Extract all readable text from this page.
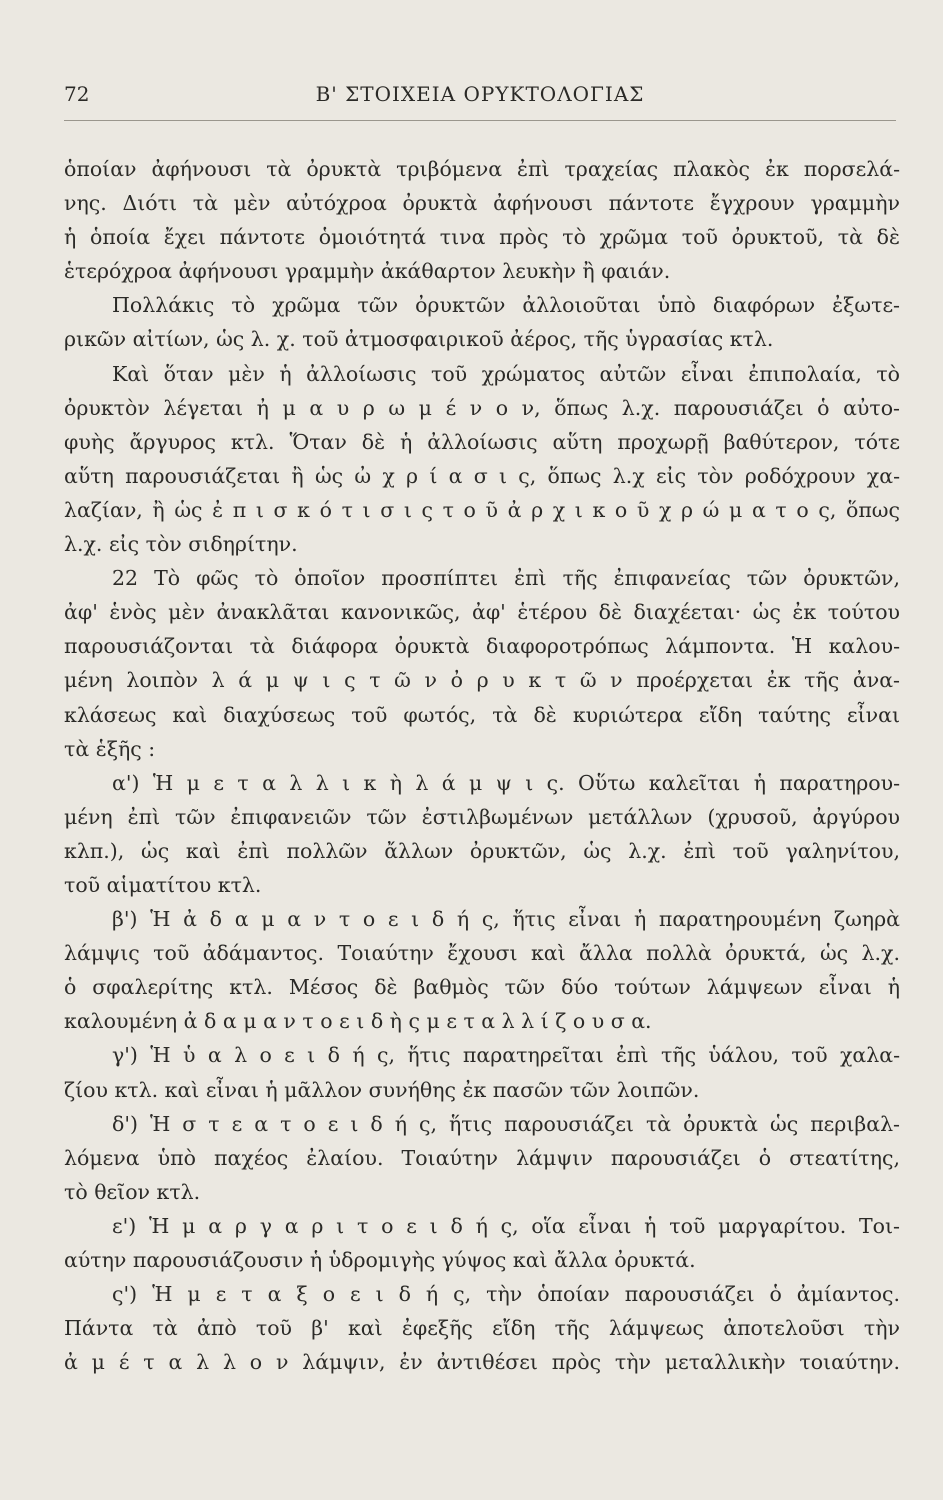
72	Β' ΣΤΟΙΧΕΙΑ ΟΡΥΚΤΟΛΟΓΙΑΣ
ὁποίαν ἀφήνουσι τὰ ὀρυκτὰ τριβόμενα ἐπὶ τραχείας πλακὸς ἐκ πορσελά-
νης. Διότι τὰ μὲν αὐτόχροα ὀρυκτὰ ἀφήνουσι πάντοτε ἔγχρουν γραμμὴν
ἡ ὁποία ἔχει πάντοτε ὁμοιότητά τινα πρὸς τὸ χρῶμα τοῦ ὀρυκτοῦ, τὰ δὲ
ἑτερόχροα ἀφήνουσι γραμμὴν ἀκάθαρτον λευκὴν ἢ φαιάν.
Πολλάκις τὸ χρῶμα τῶν ὀρυκτῶν ἀλλοιοῦται ὑπὸ διαφόρων ἐξωτε-
ρικῶν αἰτίων, ὡς λ. χ. τοῦ ἀτμοσφαιρικοῦ ἀέρος, τῆς ὑγρασίας κτλ.
Καὶ ὅταν μὲν ἡ ἀλλοίωσις τοῦ χρώματος αὐτῶν εἶναι ἐπιπολαία, τὸ
ὀρυκτὸν λέγεται ἠ μ α υ ρ ω μ έ ν ο ν, ὅπως λ.χ. παρουσιάζει ὁ αὐτο-
φυὴς ἄργυρος κτλ. Ὅταν δὲ ἡ ἀλλοίωσις αὕτη προχωρῇ βαθύτερον, τότε
αὕτη παρουσιάζεται ἢ ὡς ὠ χ ρ ί α σ ι ς, ὅπως λ.χ εἰς τὸν ροδόχρουν χα-
λαζίαν, ἢ ὡς ἐ π ι σ κ ό τ ι σ ι ς τ ο ῦ ἀ ρ χ ι κ ο ῦ χ ρ ώ μ α τ ο ς, ὅπως
λ.χ. εἰς τὸν σιδηρίτην.
22 Τὸ φῶς τὸ ὁποῖον προσπίπτει ἐπὶ τῆς ἐπιφανείας τῶν ὀρυκτῶν,
ἀφ' ἑνὸς μὲν ἀνακλᾶται κανονικῶς, ἀφ' ἑτέρου δὲ διαχέεται· ὡς ἐκ τούτου
παρουσιάζονται τὰ διάφορα ὀρυκτὰ διαφοροτρόπως λάμποντα. Ἡ καλου-
μένη λοιπὸν λ ά μ ψ ι ς τ ῶ ν ὀ ρ υ κ τ ῶ ν προέρχεται ἐκ τῆς ἀνα-
κλάσεως καὶ διαχύσεως τοῦ φωτός, τὰ δὲ κυριώτερα εἴδη ταύτης εἶναι
τὰ ἑξῆς :
α') Ἡ μ ε τ α λ λ ι κ ὴ λ ά μ ψ ι ς. Οὕτω καλεῖται ἡ παρατηρου-
μένη ἐπὶ τῶν ἐπιφανειῶν τῶν ἐστιλβωμένων μετάλλων (χρυσοῦ, ἀργύρου
κλπ.), ὡς καὶ ἐπὶ πολλῶν ἄλλων ὀρυκτῶν, ὡς λ.χ. ἐπὶ τοῦ γαληνίτου,
τοῦ αἱματίτου κτλ.
β') Ἡ ἀ δ α μ α ν τ ο ε ι δ ή ς, ἥτις εἶναι ἡ παρατηρουμένη ζωηρὰ
λάμψις τοῦ ἀδάμαντος. Τοιαύτην ἔχουσι καὶ ἄλλα πολλὰ ὀρυκτά, ὡς λ.χ.
ὁ σφαλερίτης κτλ. Μέσος δὲ βαθμὸς τῶν δύο τούτων λάμψεων εἶναι ἡ
καλουμένη ἀ δ α μ α ν τ ο ε ι δ ὴ ς μ ε τ α λ λ ί ζ ο υ σ α.
γ') Ἡ ὑ α λ ο ε ι δ ή ς, ἥτις παρατηρεῖται ἐπὶ τῆς ὑάλου, τοῦ χαλα-
ζίου κτλ. καὶ εἶναι ἡ μᾶλλον συνήθης ἐκ πασῶν τῶν λοιπῶν.
δ') Ἡ σ τ ε α τ ο ε ι δ ή ς, ἥτις παρουσιάζει τὰ ὀρυκτὰ ὡς περιβαλ-
λόμενα ὑπὸ παχέος ἐλαίου. Τοιαύτην λάμψιν παρουσιάζει ὁ στεατίτης,
τὸ θεῖον κτλ.
ε') Ἡ μ α ρ γ α ρ ι τ ο ε ι δ ή ς, οἵα εἶναι ἡ τοῦ μαργαρίτου. Τοι-
αύτην παρουσιάζουσιν ἡ ὑδρομιγὴς γύψος καὶ ἄλλα ὀρυκτά.
ς') Ἡ μ ε τ α ξ ο ε ι δ ή ς, τὴν ὁποίαν παρουσιάζει ὁ ἀμίαντος.
Πάντα τὰ ἀπὸ τοῦ β' καὶ ἐφεξῆς εἴδη τῆς λάμψεως ἀποτελοῦσι τὴν
ἀ μ έ τ α λ λ ο ν λάμψιν, ἐν ἀντιθέσει πρὸς τὴν μεταλλικὴν τοιαύτην.
